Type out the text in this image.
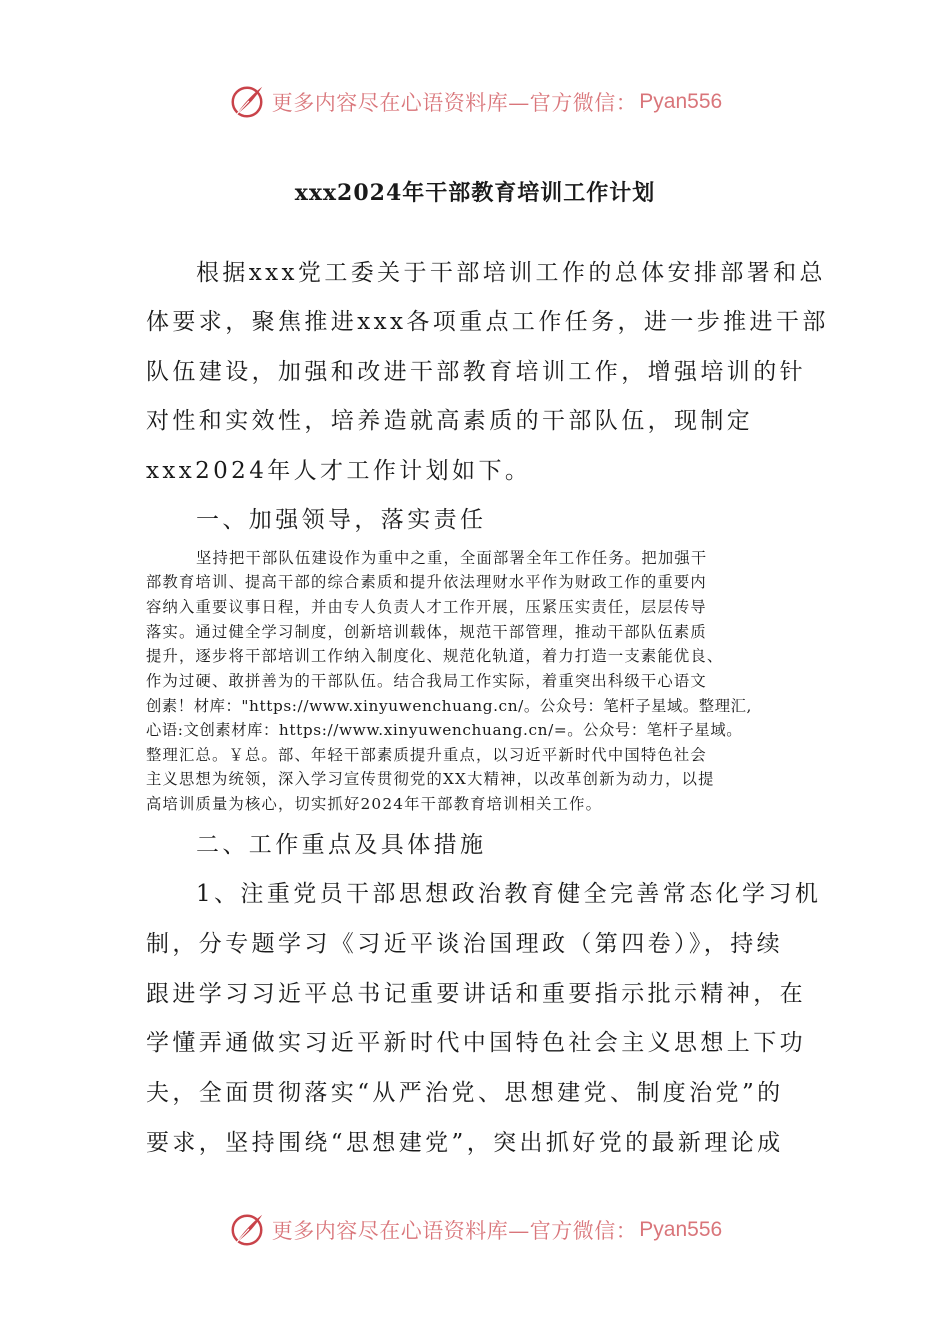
更多内容尽在心语资料库—官方微信： Pyan556
xxx2024年干部教育培训工作计划

根据xxx党工委关于干部培训工作的总体安排部署和总

体要求，聚焦推进xxx各项重点工作任务，进一步推进干部

队伍建设，加强和改进干部教育培训工作，增强培训的针

对性和实效性，培养造就高素质的干部队伍，现制定

xxx2024年人才工作计划如下。

一、加强领导，落实责任

坚持把干部队伍建设作为重中之重，全面部署全年工作任务。把加强干

部教育培训、提高干部的综合素质和提升依法理财水平作为财政工作的重要内

容纳入重要议事日程，并由专人负责人才工作开展，压紧压实责任，层层传导

落实。通过健全学习制度，创新培训载体，规范干部管理，推动干部队伍素质

提升，逐步将干部培训工作纳入制度化、规范化轨道，着力打造一支素能优良、

作为过硬、敢拼善为的干部队伍。结合我局工作实际，着重突出科级干心语文

创素！材库："https://www.xinyuwenchuang.cn/。公众号：笔杆子星域。整理汇,

心语:文创素材库：https://www.xinyuwenchuang.cn/=。公众号：笔杆子星域。

整理汇总。￥总。部、年轻干部素质提升重点，以习近平新时代中国特色社会

主义思想为统领，深入学习宣传贯彻党的XX大精神，以改革创新为动力，以提

高培训质量为核心，切实抓好2024年干部教育培训相关工作。

二、工作重点及具体措施

1、注重党员干部思想政治教育健全完善常态化学习机

制，分专题学习《习近平谈治国理政（第四卷）》，持续

跟进学习习近平总书记重要讲话和重要指示批示精神，在

学懂弄通做实习近平新时代中国特色社会主义思想上下功

夫，全面贯彻落实“从严治党、思想建党、制度治党”的

要求，坚持围绕“思想建党”，突出抓好党的最新理论成

更多内容尽在心语资料库—官方微信： Pyan556
